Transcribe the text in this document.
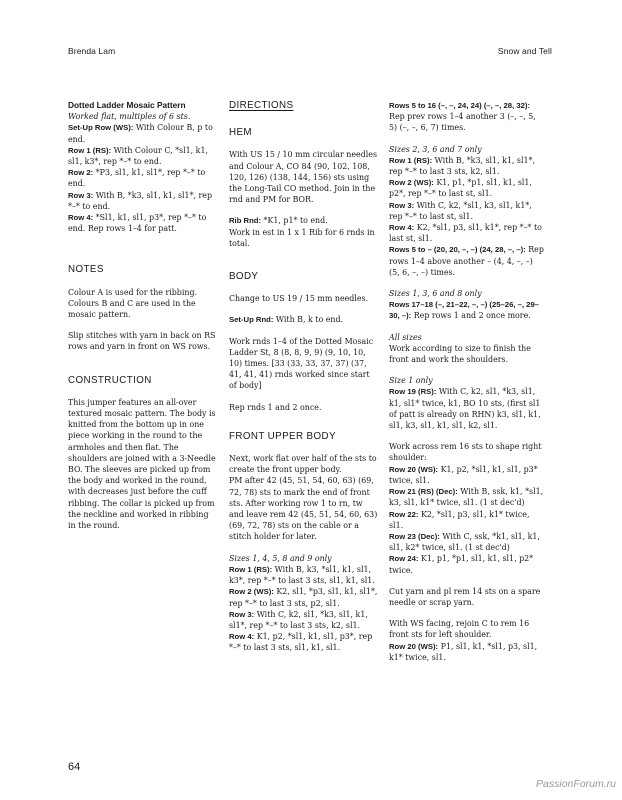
Brenda Lam	Snow and Tell
Dotted Ladder Mosaic Pattern
Worked flat, multiples of 6 sts.
Set-Up Row (WS): With Colour B, p to end.
Row 1 (RS): With Colour C, *sl1, k1, sl1, k3*, rep *–* to end.
Row 2: *P3, sl1, k1, sl1*, rep *–* to end.
Row 3: With B, *k3, sl1, k1, sl1*, rep *–* to end.
Row 4: *Sl1, k1, sl1, p3*, rep *–* to end. Rep rows 1–4 for patt.
NOTES

Colour A is used for the ribbing. Colours B and C are used in the mosaic pattern.

Slip stitches with yarn in back on RS rows and yarn in front on WS rows.

CONSTRUCTION

This jumper features an all-over textured mosaic pattern. The body is knitted from the bottom up in one piece working in the round to the armholes and then flat. The shoulders are joined with a 3-Needle BO. The sleeves are picked up from the body and worked in the round, with decreases just before the cuff ribbing. The collar is picked up from the neckline and worked in ribbing in the round.

DIRECTIONS
HEM

With US 15 / 10 mm circular needles and Colour A, CO 84 (90, 102, 108, 120, 126) (138, 144, 156) sts using the Long-Tail CO method. Join in the rnd and PM for BOR.

Rib Rnd: *K1, p1* to end.

Work in est in 1 x 1 Rib for 6 rnds in total.

BODY

Change to US 19 / 15 mm needles.

Set-Up Rnd: With B, k to end.

Work rnds 1–4 of the Dotted Mosaic Ladder St, 8 (8, 8, 9, 9) (9, 10, 10, 10) times. [33 (33, 33, 37, 37) (37, 41, 41, 41) rnds worked since start of body]

Rep rnds 1 and 2 once.

FRONT UPPER BODY
Next, work flat over half of the sts to create the front upper body.

PM after 42 (45, 51, 54, 60, 63) (69, 72, 78) sts to mark the end of front sts. After working row 1 to rn, tw and leave rem 42 (45, 51, 54, 60, 63) (69, 72, 78) sts on the cable or a stitch holder for later.

Sizes 1, 4, 5, 8 and 9 only
Row 1 (RS): With B, k3, *sl1, k1, sl1, k3*, rep *–* to last 3 sts, sl1, k1, sl1.
Row 2 (WS): K2, sl1, *p3, sl1, k1, sl1*, rep *–* to last 3 sts, p2, sl1.
Row 3: With C, k2, sl1, *k3, sl1, k1, sl1*, rep *–* to last 3 sts, k2, sl1.
Row 4: K1, p2, *sl1, k1, sl1, p3*, rep *–* to last 3 sts, sl1, k1, sl1.

Rows 5 to 16 (–, –, 24, 24) (–, –, 28, 32): Rep prev rows 1–4 another 3 (–, –, 5, 5) (–, –, 6, 7) times.

Sizes 2, 3, 6 and 7 only
Row 1 (RS): With B, *k3, sl1, k1, sl1*, rep *–* to last 3 sts, k2, sl1.
Row 2 (WS): K1, p1, *p1, sl1, k1, sl1, p2*, rep *–* to last st, sl1.
Row 3: With C, k2, *sl1, k3, sl1, k1*, rep *–* to last st, sl1.
Row 4: K2, *sl1, p3, sl1, k1*, rep *–* to last st, sl1.

Rows 5 to – (20, 20, –, –) (24, 28, –, –): Rep rows 1–4 above another – (4, 4, –, –) (5, 6, –, –) times.

Sizes 1, 3, 6 and 8 only

Rows 17–18 (–, 21–22, –, –) (25–26, –, 29–30, –): Rep rows 1 and 2 once more.

All sizes

Work according to size to finish the front and work the shoulders.

Size 1 only

Row 19 (RS): With C, k2, sl1, *k3, sl1, k1, sl1* twice, k1, BO 10 sts, (first sl1 of patt is already on RHN) k3, sl1, k1, sl1, k3, sl1, k1, sl1, k2, sl1.

Work across rem 16 sts to shape right shoulder:
Row 20 (WS): K1, p2, *sl1, k1, sl1, p3* twice, sl1.
Row 21 (RS) (Dec): With B, ssk, k1, *sl1, k3, sl1, k1* twice, sl1. (1 st dec'd)
Row 22: K2, *sl1, p3, sl1, k1* twice, sl1.
Row 23 (Dec): With C, ssk, *k1, sl1, k1, sl1, k2* twice, sl1. (1 st dec'd)

Row 24: K1, p1, *p1, sl1, k1, sl1, p2* twice.

Cut yarn and pl rem 14 sts on a spare needle or scrap yarn.

With WS facing, rejoin C to rem 16 front sts for left shoulder.
Row 20 (WS): P1, sl1, k1, *sl1, p3, sl1, k1* twice, sl1.
64
PassionForum.ru
